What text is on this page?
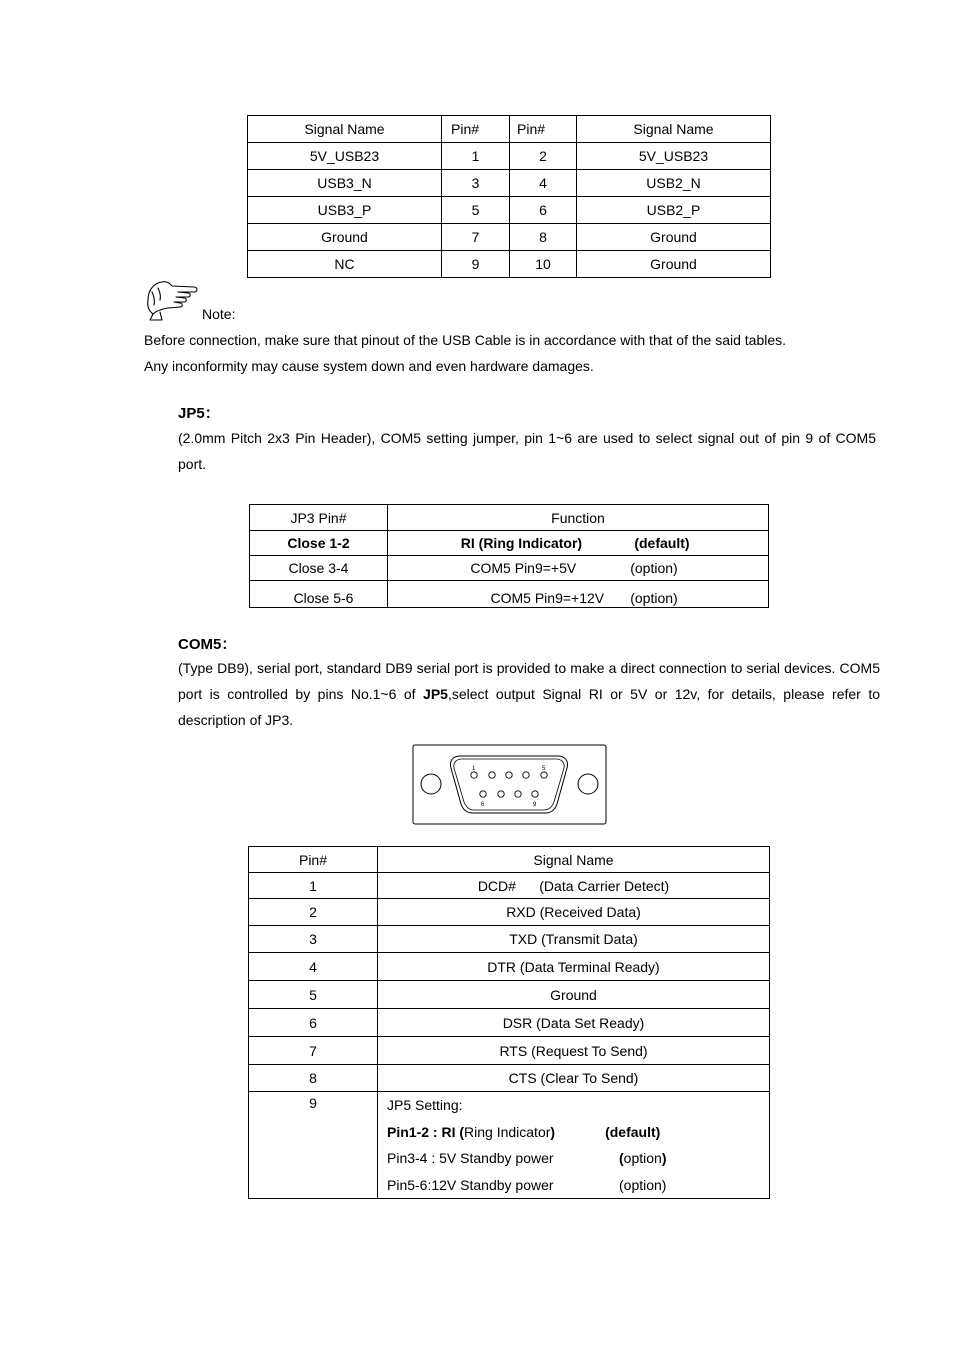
Signal Name	Pin#	Pin#	Signal Name
5V_USB23	1	2	5V_USB23
USB3_N	3	4	USB2_N
USB3_P	5	6	USB2_P
Ground	7	8	Ground
NC	9	10	Ground
Note:
Before connection, make sure that pinout of the USB Cable is in accordance with that of the said tables.
Any inconformity may cause system down and even hardware damages.
JP5：
(2.0mm Pitch 2x3 Pin Header), COM5 setting jumper, pin 1~6 are used to select signal out of pin 9 of COM5 port.
JP3 Pin#	Function
Close 1-2	RI (Ring Indicator) (default)
Close 3-4	COM5 Pin9=+5V (option)
Close 5-6	COM5 Pin9=+12V (option)
COM5：
(Type DB9), serial port, standard DB9 serial port is provided to make a direct connection to serial devices. COM5 port is controlled by pins No.1~6 of JP5,select output Signal RI or 5V or 12v, for details, please refer to description of JP3.
1	5
6	9
Pin#	Signal Name
1	DCD#      (Data Carrier Detect)
2	RXD (Received Data)
3	TXD (Transmit Data)
4	DTR (Data Terminal Ready)
5	Ground
6	DSR (Data Set Ready)
7	RTS (Request To Send)
8	CTS (Clear To Send)
9	JP5 Setting:
Pin1-2 : RI (Ring Indicator) (default)
Pin3-4 : 5V Standby power (option)
Pin5-6:12V Standby power (option)
